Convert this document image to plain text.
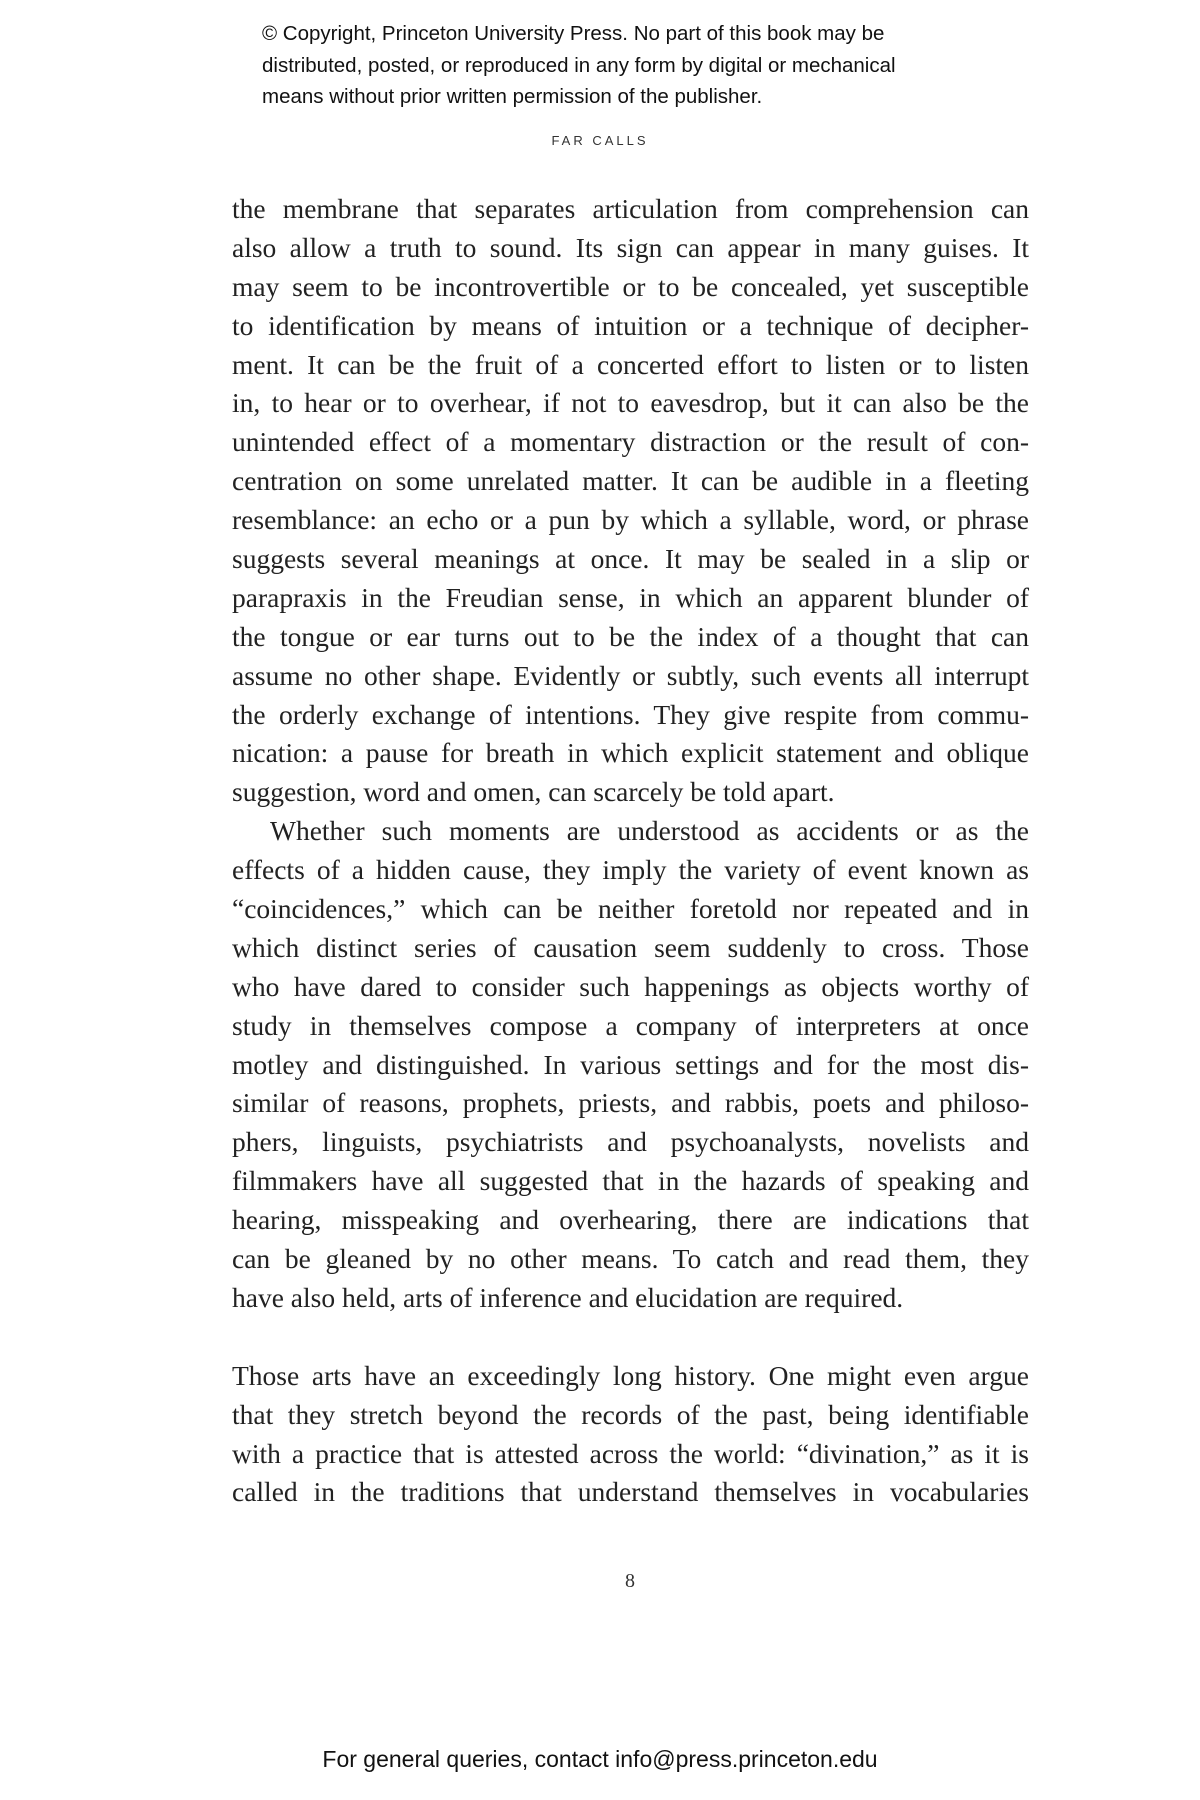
© Copyright, Princeton University Press. No part of this book may be
distributed, posted, or reproduced in any form by digital or mechanical
means without prior written permission of the publisher.
FAR CALLS
the membrane that separates articulation from comprehension can
also allow a truth to sound. Its sign can appear in many guises. It
may seem to be incontrovertible or to be concealed, yet susceptible
to identification by means of intuition or a technique of decipher-
ment. It can be the fruit of a concerted effort to listen or to listen
in, to hear or to overhear, if not to eavesdrop, but it can also be the
unintended effect of a momentary distraction or the result of con-
centration on some unrelated matter. It can be audible in a fleeting
resemblance: an echo or a pun by which a syllable, word, or phrase
suggests several meanings at once. It may be sealed in a slip or
parapraxis in the Freudian sense, in which an apparent blunder of
the tongue or ear turns out to be the index of a thought that can
assume no other shape. Evidently or subtly, such events all interrupt
the orderly exchange of intentions. They give respite from commu-
nication: a pause for breath in which explicit statement and oblique
suggestion, word and omen, can scarcely be told apart.
Whether such moments are understood as accidents or as the
effects of a hidden cause, they imply the variety of event known as
“coincidences,” which can be neither foretold nor repeated and in
which distinct series of causation seem suddenly to cross. Those
who have dared to consider such happenings as objects worthy of
study in themselves compose a company of interpreters at once
motley and distinguished. In various settings and for the most dis-
similar of reasons, prophets, priests, and rabbis, poets and philoso-
phers, linguists, psychiatrists and psychoanalysts, novelists and
filmmakers have all suggested that in the hazards of speaking and
hearing, misspeaking and overhearing, there are indications that
can be gleaned by no other means. To catch and read them, they
have also held, arts of inference and elucidation are required.
Those arts have an exceedingly long history. One might even argue
that they stretch beyond the records of the past, being identifiable
with a practice that is attested across the world: “divination,” as it is
called in the traditions that understand themselves in vocabularies
8
For general queries, contact info@press.princeton.edu
